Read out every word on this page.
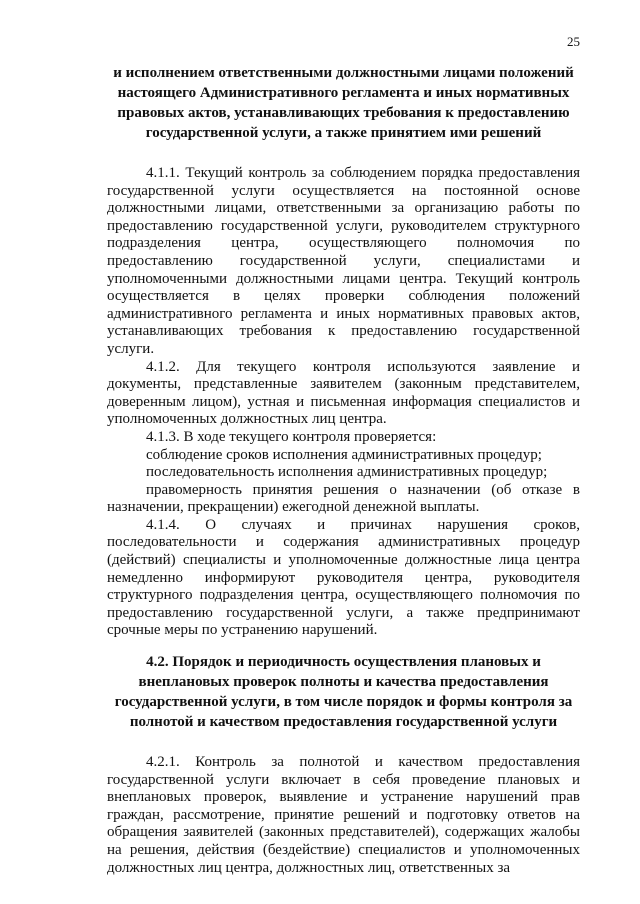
25

и исполнением ответственными должностными лицами положений настоящего Административного регламента и иных нормативных правовых актов, устанавливающих требования к предоставлению государственной услуги, а также принятием ими решений

4.1.1. Текущий контроль за соблюдением порядка предоставления государственной услуги осуществляется на постоянной основе должностными лицами, ответственными за организацию работы по предоставлению государственной услуги, руководителем структурного подразделения центра, осуществляющего полномочия по предоставлению государственной услуги, специалистами и уполномоченными должностными лицами центра. Текущий контроль осуществляется в целях проверки соблюдения положений административного регламента и иных нормативных правовых актов, устанавливающих требования к предоставлению государственной услуги.

4.1.2. Для текущего контроля используются заявление и документы, представленные заявителем (законным представителем, доверенным лицом), устная и письменная информация специалистов и уполномоченных должностных лиц центра.

4.1.3. В ходе текущего контроля проверяется:

соблюдение сроков исполнения административных процедур;

последовательность исполнения административных процедур;

правомерность принятия решения о назначении (об отказе в назначении, прекращении) ежегодной денежной выплаты.

4.1.4. О случаях и причинах нарушения сроков, последовательности и содержания административных процедур (действий) специалисты и уполномоченные должностные лица центра немедленно информируют руководителя центра, руководителя структурного подразделения центра, осуществляющего полномочия по предоставлению государственной услуги, а также предпринимают срочные меры по устранению нарушений.

4.2. Порядок и периодичность осуществления плановых и внеплановых проверок полноты и качества предоставления государственной услуги, в том числе порядок и формы контроля за полнотой и качеством предоставления государственной услуги

4.2.1. Контроль за полнотой и качеством предоставления государственной услуги включает в себя проведение плановых и внеплановых проверок, выявление и устранение нарушений прав граждан, рассмотрение, принятие решений и подготовку ответов на обращения заявителей (законных представителей), содержащих жалобы на решения, действия (бездействие) специалистов и уполномоченных должностных лиц центра, должностных лиц, ответственных за
